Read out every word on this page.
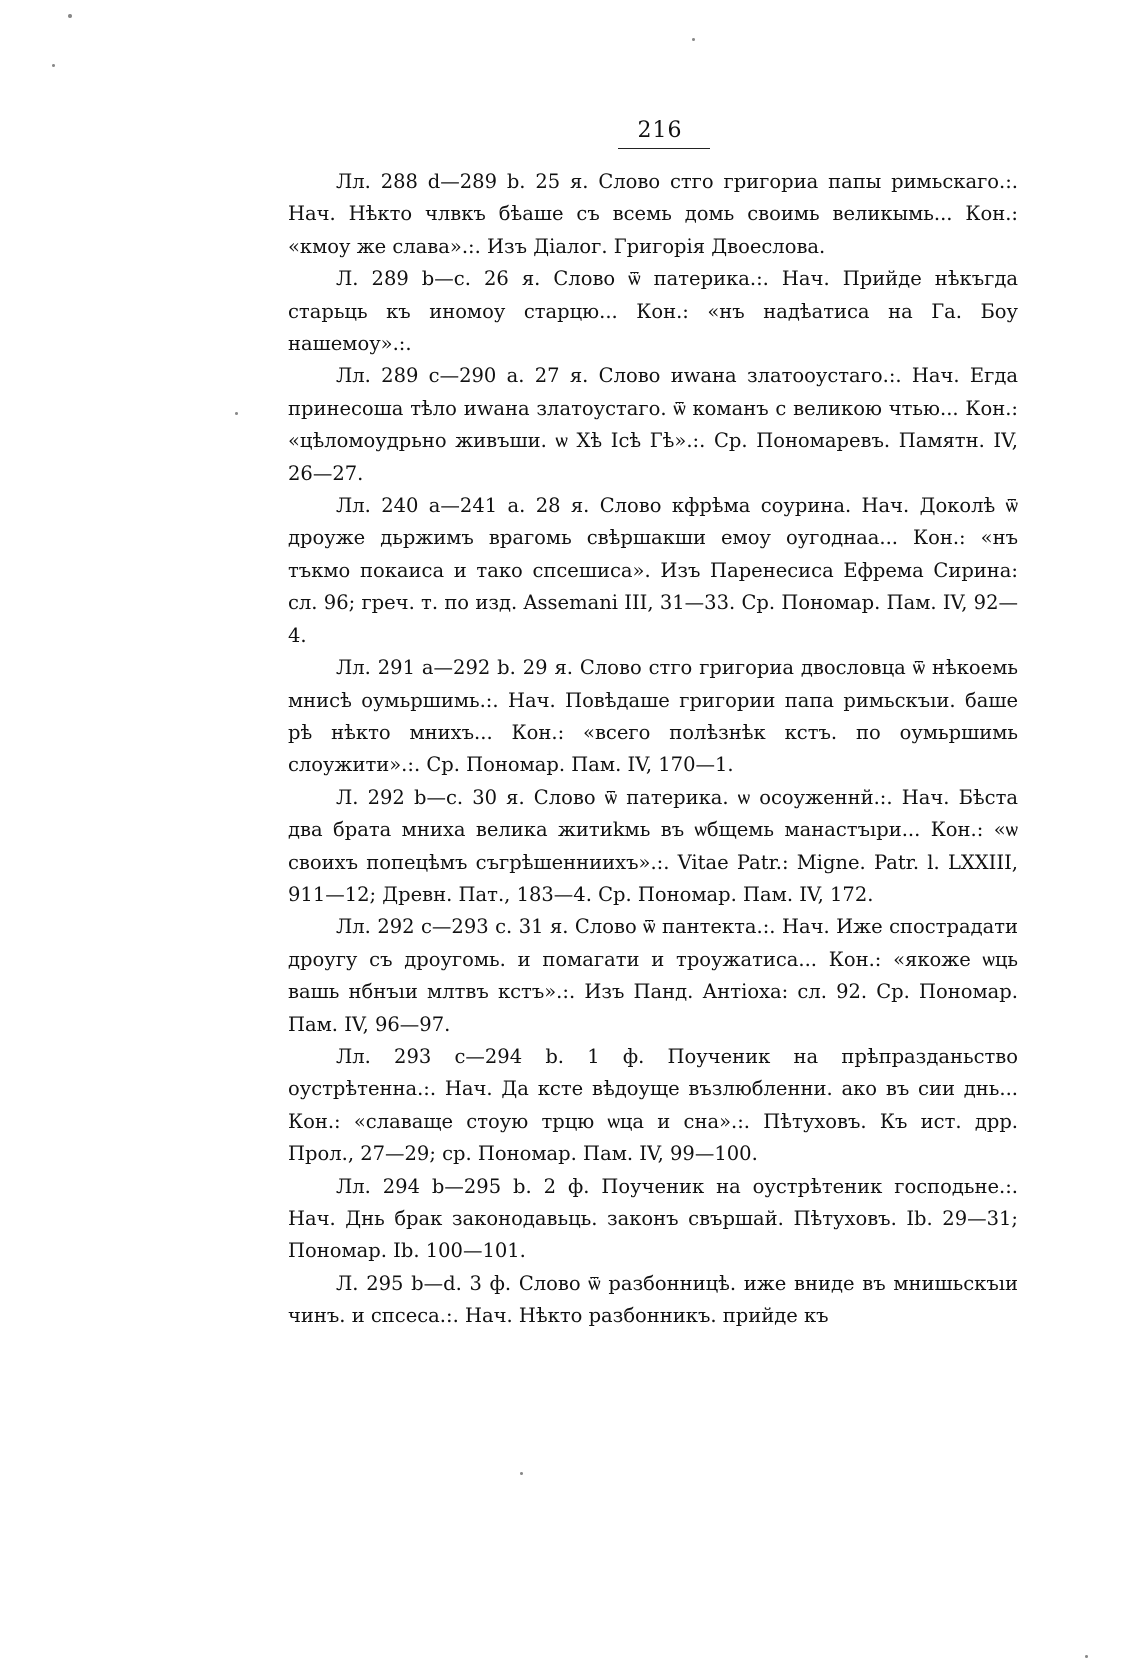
216

Лл. 288 d—289 b. 25 я. Слово стго григориа папы римьскаго.:. Нач. Нѣкто члвкъ бѣаше съ всемь домь своимь великымь... Кон.: «кмоу же слава».:. Изъ Діалог. Григорія Двоеслова.

Л. 289 b—с. 26 я. Слово ѿ патерика.:. Нач. Прийде нѣкъгда старьць къ иномоу старцю... Кон.: «нъ надѣатиса на Га. Боу нашемоу».:.

Лл. 289 с—290 а. 27 я. Слово иwана златооустаго.:. Нач. Егда принесоша тѣло иwана златоустаго. ѿ команъ с великою чтью... Кон.: «цѣломоудрьно живъши. ѡ Хѣ Ісѣ Гѣ».:. Ср. Пономаревъ. Памятн. IV, 26—27.

Лл. 240 а—241 а. 28 я. Слово кфрѣма соурина. Нач. Доколѣ ѿ дроуже дьржимъ врагомь свѣршакши емоу оугоднаа... Кон.: «нъ тъкмо покаиса и тако спсешиса». Изъ Паренесиса Ефрема Сирина: сл. 96; греч. т. по изд. Assemani III, 31—33. Ср. Пономар. Пам. IV, 92—4.

Лл. 291 а—292 b. 29 я. Слово стго григориа двословца ѿ нѣкоемь мнисѣ оумьршимь.:. Нач. Повѣдаше григории папа римьскъıи. баше рѣ нѣкто мнихъ... Кон.: «всего полѣзнѣк кстъ. по оумьршимь слоужити».:. Ср. Пономар. Пам. IV, 170—1.

Л. 292 b—с. 30 я. Слово ѿ патерика. ѡ осоуженнй.:. Нач. Бѣста два брата мниха велика житиkмь въ ѡбщемь манастъıри... Кон.: «ѡ своихъ попецѣмъ съгрѣшенниихъ».:. Vitae Patr.: Migne. Patr. l. LXXIII, 911—12; Древн. Пат., 183—4. Ср. Пономар. Пам. IV, 172.

Лл. 292 с—293 с. 31 я. Слово ѿ пантекта.:. Нач. Иже спострадати дроугу съ дроугомь. и помагати и троужатиса... Кон.: «якоже ѡць вашь нбнъıи млтвъ кстъ».:. Изъ Панд. Антіоха: сл. 92. Ср. Пономар. Пам. IV, 96—97.

Лл. 293 с—294 b. 1 ф. Поученик на прѣпразданьство оустрѣтенна.:. Нач. Да ксте вѣдоуще възлюбленни. ако въ сии днь... Кон.: «славаще стоую трцю ѡца и сна».:. Пѣтуховъ. Къ ист. дрр. Прол., 27—29; ср. Пономар. Пам. IV, 99—100.

Лл. 294 b—295 b. 2 ф. Поученик на оустрѣтеник господьне.:. Нач. Днь брак законодавьць. законъ свършай. Пѣтуховъ. Ib. 29—31; Пономар. Ib. 100—101.

Л. 295 b—d. 3 ф. Слово ѿ разбонницѣ. иже вниде въ мнишьскъıи чинъ. и спсеса.:. Нач. Нѣкто разбонникъ. прийде къ
